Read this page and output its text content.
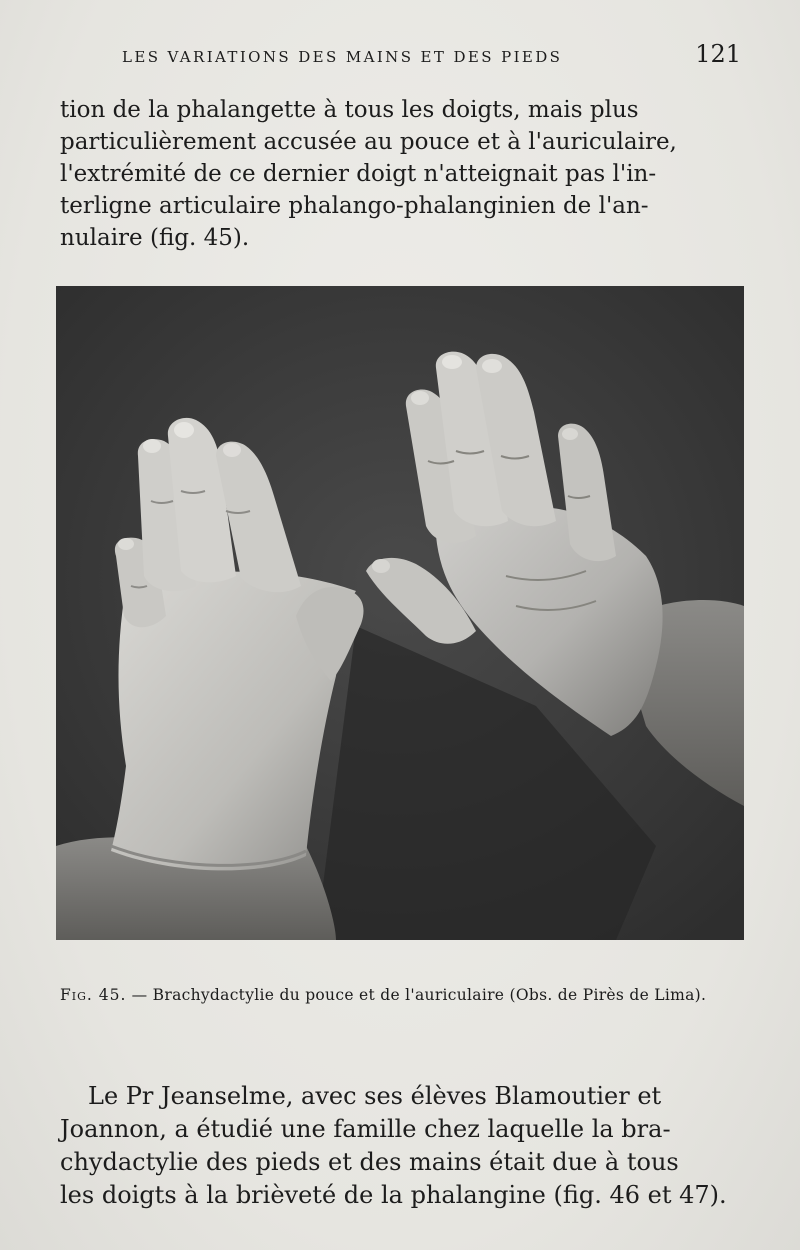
LES VARIATIONS DES MAINS ET DES PIEDS	121
tion de la phalangette à tous les doigts, mais plus
particulièrement accusée au pouce et à l'auriculaire,
l'extrémité de ce dernier doigt n'atteignait pas l'in-
terligne articulaire phalango-phalanginien de l'an-
nulaire (fig. 45).
Fig. 45. — Brachydactylie du pouce et de l'auriculaire (Obs. de Pirès de Lima).
Le Pr Jeanselme, avec ses élèves Blamoutier et
Joannon, a étudié une famille chez laquelle la bra-
chydactylie des pieds et des mains était due à tous
les doigts à la brièveté de la phalangine (fig. 46 et 47).
